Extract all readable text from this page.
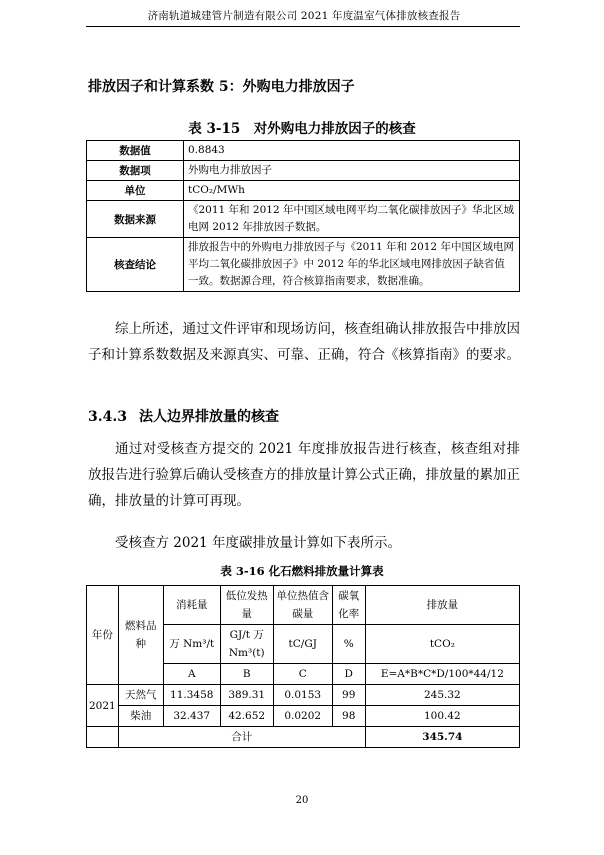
济南轨道城建管片制造有限公司 2021 年度温室气体排放核查报告
排放因子和计算系数 5：外购电力排放因子
表 3-15　对外购电力排放因子的核查
数据值	0.8843
数据项	外购电力排放因子
单位	tCO₂/MWh
数据来源	《2011 年和 2012 年中国区域电网平均二氧化碳排放因子》华北区域电网 2012 年排放因子数据。
核查结论	排放报告中的外购电力排放因子与《2011 年和 2012 年中国区域电网平均二氧化碳排放因子》中 2012 年的华北区域电网排放因子缺省值一致。数据源合理，符合核算指南要求，数据准确。
综上所述，通过文件评审和现场访问，核查组确认排放报告中排放因子和计算系数数据及来源真实、可靠、正确，符合《核算指南》的要求。
3.4.3 法人边界排放量的核查
通过对受核查方提交的 2021 年度排放报告进行核查，核查组对排放报告进行验算后确认受核查方的排放量计算公式正确，排放量的累加正确，排放量的计算可再现。
受核查方 2021 年度碳排放量计算如下表所示。
表 3-16 化石燃料排放量计算表
年份	燃料品种	消耗量	低位发热量	单位热值含碳量	碳氧化率	排放量
		万 Nm³/t	GJ/t 万 Nm³(t)	tC/GJ	%	tCO₂
		A	B	C	D	E=A*B*C*D/100*44/12
2021	天然气	11.3458	389.31	0.0153	99	245.32
	柴油	32.437	42.652	0.0202	98	100.42
	合计					345.74
20
